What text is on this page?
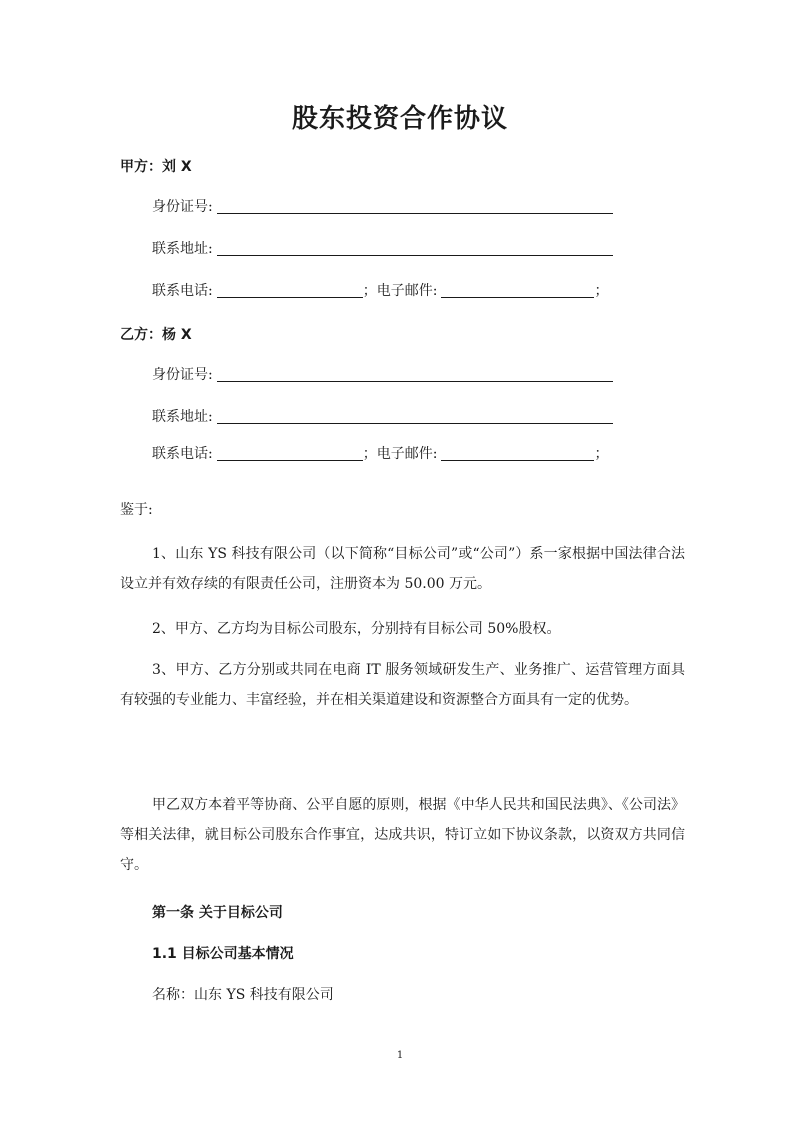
股东投资合作协议
甲方：刘 X
身份证号:
联系地址:
联系电话:	；电子邮件:	；
乙方：杨 X
身份证号:
联系地址:
联系电话:	；电子邮件:	；
鉴于:
1、山东 YS 科技有限公司（以下简称“目标公司”或“公司”）系一家根据中国法律合法设立并有效存续的有限责任公司，注册资本为 50.00 万元。
2、甲方、乙方均为目标公司股东，分别持有目标公司 50%股权。
3、甲方、乙方分别或共同在电商 IT 服务领域研发生产、业务推广、运营管理方面具有较强的专业能力、丰富经验，并在相关渠道建设和资源整合方面具有一定的优势。
甲乙双方本着平等协商、公平自愿的原则，根据《中华人民共和国民法典》、《公司法》等相关法律，就目标公司股东合作事宜，达成共识，特订立如下协议条款，以资双方共同信守。
第一条 关于目标公司
1.1 目标公司基本情况
名称：山东 YS 科技有限公司
1
